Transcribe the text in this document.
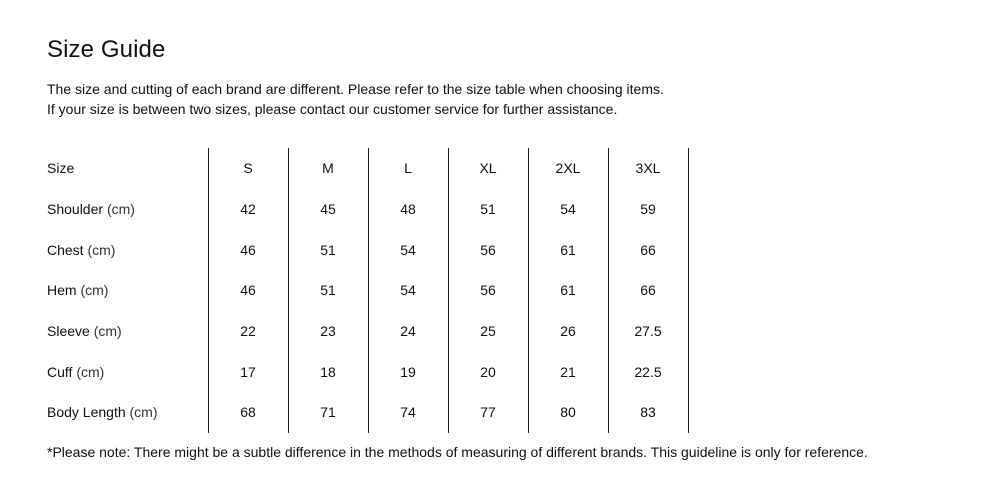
Size Guide

The size and cutting of each brand are different. Please refer to the size table when choosing items.

If your size is between two sizes, please contact our customer service for further assistance.

Size	S	M	L	XL	2XL	3XL
Shoulder (cm)	42	45	48	51	54	59
Chest (cm)	46	51	54	56	61	66
Hem (cm)	46	51	54	56	61	66
Sleeve (cm)	22	23	24	25	26	27.5
Cuff (cm)	17	18	19	20	21	22.5
Body Length (cm)	68	71	74	77	80	83

*Please note: There might be a subtle difference in the methods of measuring of different brands. This guideline is only for reference.
